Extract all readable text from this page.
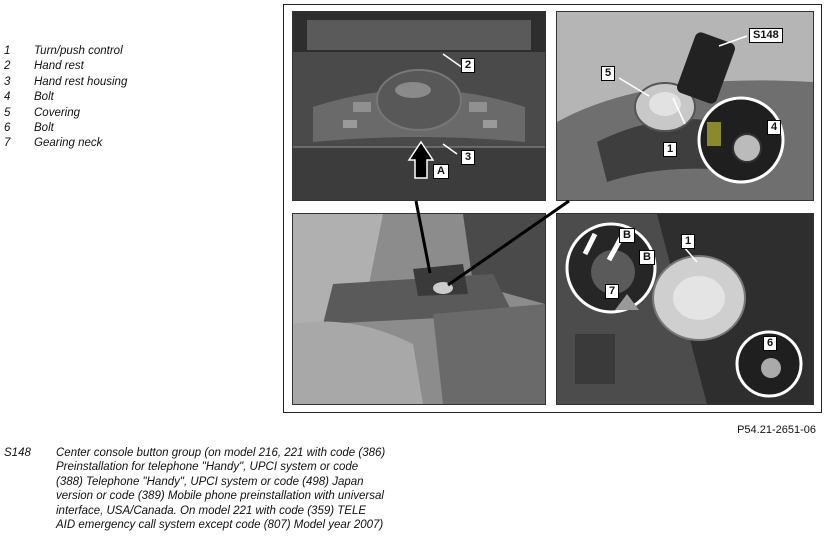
1	Turn/push control
2	Hand rest
3	Hand rest housing
4	Bolt
5	Covering
6	Bolt
7	Gearing neck
2
3
A
S148
5
1
4
1
B
B
7
6
P54.21-2651-06
S148	Center console button group (on model 216, 221 with code (386) Preinstallation for telephone "Handy", UPCI system or code (388) Telephone "Handy", UPCI system or code (498) Japan version or code (389) Mobile phone preinstallation with universal interface, USA/Canada. On model 221 with code (359) TELE AID emergency call system except code (807) Model year 2007)
